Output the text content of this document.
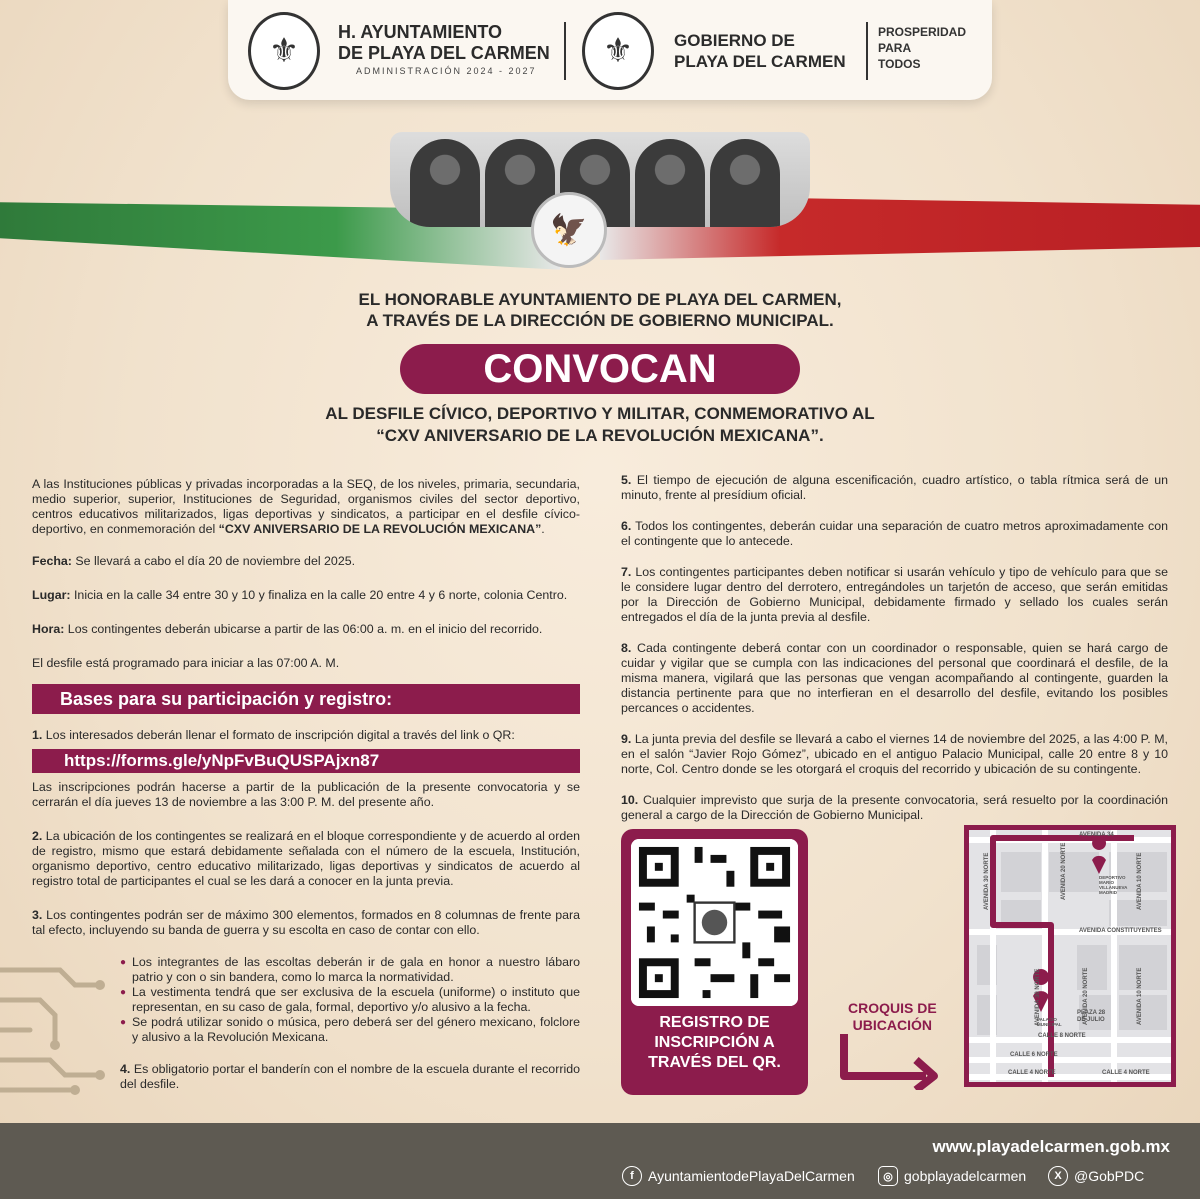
⚜	H. AYUNTAMIENTO
DE PLAYA DEL CARMEN
ADMINISTRACIÓN 2024 - 2027
⚜	GOBIERNO DE
PLAYA DEL CARMEN
PROSPERIDAD
PARA
TODOS
🦅
EL HONORABLE AYUNTAMIENTO DE PLAYA DEL CARMEN,
A TRAVÉS DE LA DIRECCIÓN DE GOBIERNO MUNICIPAL.
CONVOCAN
AL DESFILE CÍVICO, DEPORTIVO Y MILITAR, CONMEMORATIVO AL
“CXV ANIVERSARIO DE LA REVOLUCIÓN MEXICANA”.

A las Instituciones públicas y privadas incorporadas a la SEQ, de los niveles, primaria, secundaria, medio superior, superior, Instituciones de Seguridad, organismos civiles del sector deportivo, centros educativos militarizados, ligas deportivas y sindicatos, a participar en el desfile cívico-deportivo, en conmemoración del “CXV ANIVERSARIO DE LA REVOLUCIÓN MEXICANA”.

Fecha: Se llevará a cabo el día 20 de noviembre del 2025.

Lugar: Inicia en la calle 34 entre 30 y 10 y finaliza en la calle 20 entre 4 y 6 norte, colonia Centro.

Hora: Los contingentes deberán ubicarse a partir de las 06:00 a. m. en el inicio del recorrido.

El desfile está programado para iniciar a las 07:00 A. M.

Bases para su participación y registro:

1. Los interesados deberán llenar el formato de inscripción digital a través del link o QR:

https://forms.gle/yNpFvBuQUSPAjxn87

Las inscripciones podrán hacerse a partir de la publicación de la presente convocatoria y se cerrarán el día jueves 13 de noviembre a las 3:00 P. M. del presente año.

2. La ubicación de los contingentes se realizará en el bloque correspondiente y de acuerdo al orden de registro, mismo que estará debidamente señalada con el número de la escuela, Institución, organismo deportivo, centro educativo militarizado, ligas deportivas y sindicatos de acuerdo al registro total de participantes el cual se les dará a conocer en la junta previa.

3. Los contingentes podrán ser de máximo 300 elementos, formados en 8 columnas de frente para tal efecto, incluyendo su banda de guerra y su escolta en caso de contar con ello.

● Los integrantes de las escoltas deberán ir de gala en honor a nuestro lábaro patrio y con o sin bandera, como lo marca la normatividad.
● La vestimenta tendrá que ser exclusiva de la escuela (uniforme) o instituto que representan, en su caso de gala, formal, deportivo y/o alusivo a la fecha.
● Se podrá utilizar sonido o música, pero deberá ser del género mexicano, folclore y alusivo a la Revolución Mexicana.

4. Es obligatorio portar el banderín con el nombre de la escuela durante el recorrido del desfile.

5. El tiempo de ejecución de alguna escenificación, cuadro artístico, o tabla rítmica será de un minuto, frente al presídium oficial.

6. Todos los contingentes, deberán cuidar una separación de cuatro metros aproximadamente con el contingente que lo antecede.

7. Los contingentes participantes deben notificar si usarán vehículo y tipo de vehículo para que se le considere lugar dentro del derrotero, entregándoles un tarjetón de acceso, que serán emitidas por la Dirección de Gobierno Municipal, debidamente firmado y sellado los cuales serán entregados el día de la junta previa al desfile.

8. Cada contingente deberá contar con un coordinador o responsable, quien se hará cargo de cuidar y vigilar que se cumpla con las indicaciones del personal que coordinará el desfile, de la misma manera, vigilará que las personas que vengan acompañando al contingente, guarden la distancia pertinente para que no interfieran en el desarrollo del desfile, evitando los posibles percances o accidentes.

9. La junta previa del desfile se llevará a cabo el viernes 14 de noviembre del 2025, a las 4:00 P. M, en el salón “Javier Rojo Gómez”, ubicado en el antiguo Palacio Municipal, calle 20 entre 8 y 10 norte, Col. Centro donde se les otorgará el croquis del recorrido y ubicación de su contingente.

10. Cualquier imprevisto que surja de la presente convocatoria, será resuelto por la coordinación general a cargo de la Dirección de Gobierno Municipal.

REGISTRO DE
INSCRIPCIÓN A
TRAVÉS DEL QR.
CROQUIS DE
UBICACIÓN
AVENIDA 34
AVENIDA 30 NORTE	AVENIDA 20 NORTE	AVENIDA 10 NORTE
DEPORTIVO MARIO VILLANUEVA MADRID
AVENIDA CONSTITUYENTES
AVENIDA 30 NORTE
PALACIO MUNICIPAL
PLAZA 28 DE JULIO	AVENIDA 10 NORTE
CALLE 8 NORTE
CALLE 6 NORTE
CALLE 4 NORTE	CALLE 4 NORTE
AVENIDA 20 NORTE
www.playadelcarmen.gob.mx
f	AyuntamientodePlayaDelCarmen	◎ gobplayadelcarmen	X @GobPDC
